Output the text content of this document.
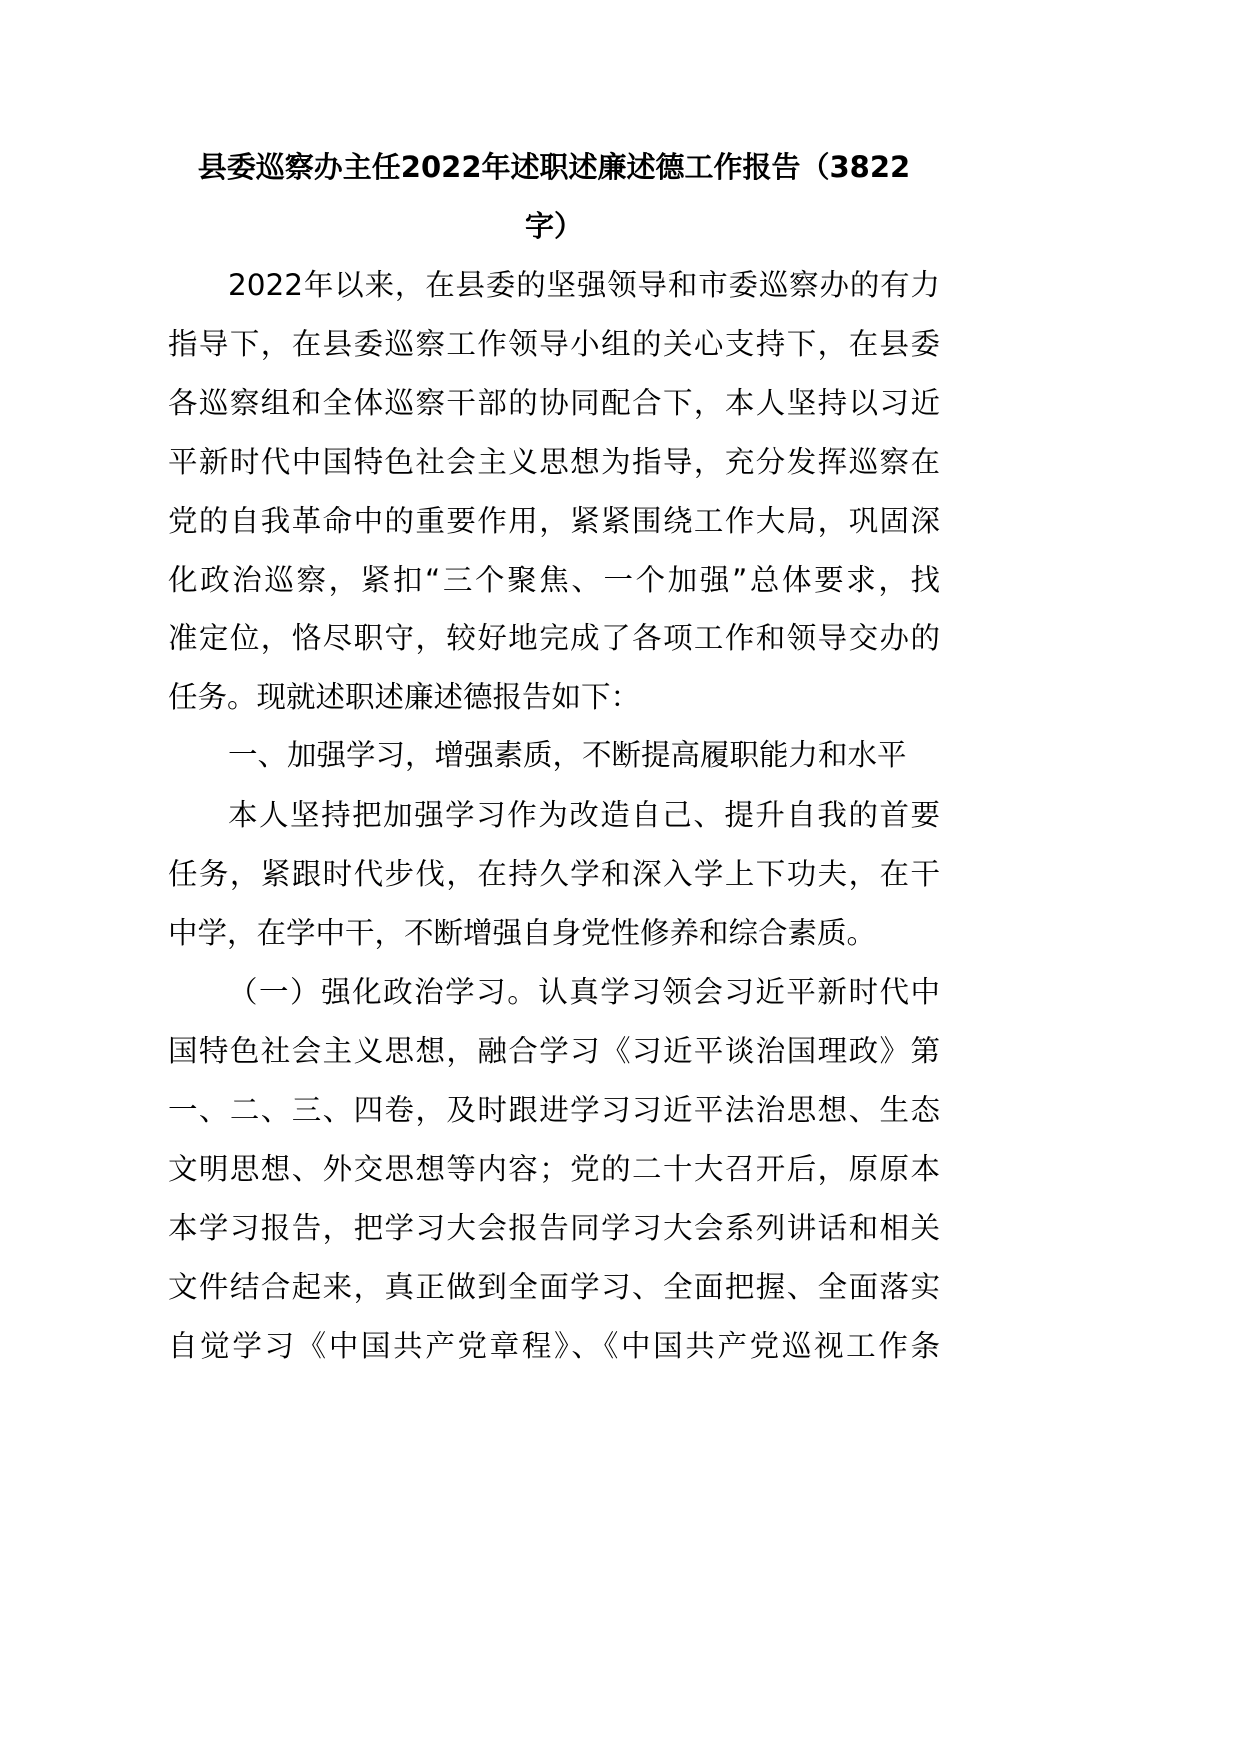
县委巡察办主任2022年述职述廉述德工作报告（3822
字）
2022年以来，在县委的坚强领导和市委巡察办的有力
指导下，在县委巡察工作领导小组的关心支持下，在县委
各巡察组和全体巡察干部的协同配合下，本人坚持以习近
平新时代中国特色社会主义思想为指导，充分发挥巡察在
党的自我革命中的重要作用，紧紧围绕工作大局，巩固深
化政治巡察，紧扣“三个聚焦、一个加强”总体要求，找
准定位，恪尽职守，较好地完成了各项工作和领导交办的
任务。现就述职述廉述德报告如下：
一、加强学习，增强素质，不断提高履职能力和水平
本人坚持把加强学习作为改造自己、提升自我的首要
任务，紧跟时代步伐，在持久学和深入学上下功夫，在干
中学，在学中干，不断增强自身党性修养和综合素质。
（一）强化政治学习。认真学习领会习近平新时代中
国特色社会主义思想，融合学习《习近平谈治国理政》第
一、二、三、四卷，及时跟进学习习近平法治思想、生态
文明思想、外交思想等内容；党的二十大召开后，原原本
本学习报告，把学习大会报告同学习大会系列讲话和相关
文件结合起来，真正做到全面学习、全面把握、全面落实
自觉学习《中国共产党章程》、《中国共产党巡视工作条
